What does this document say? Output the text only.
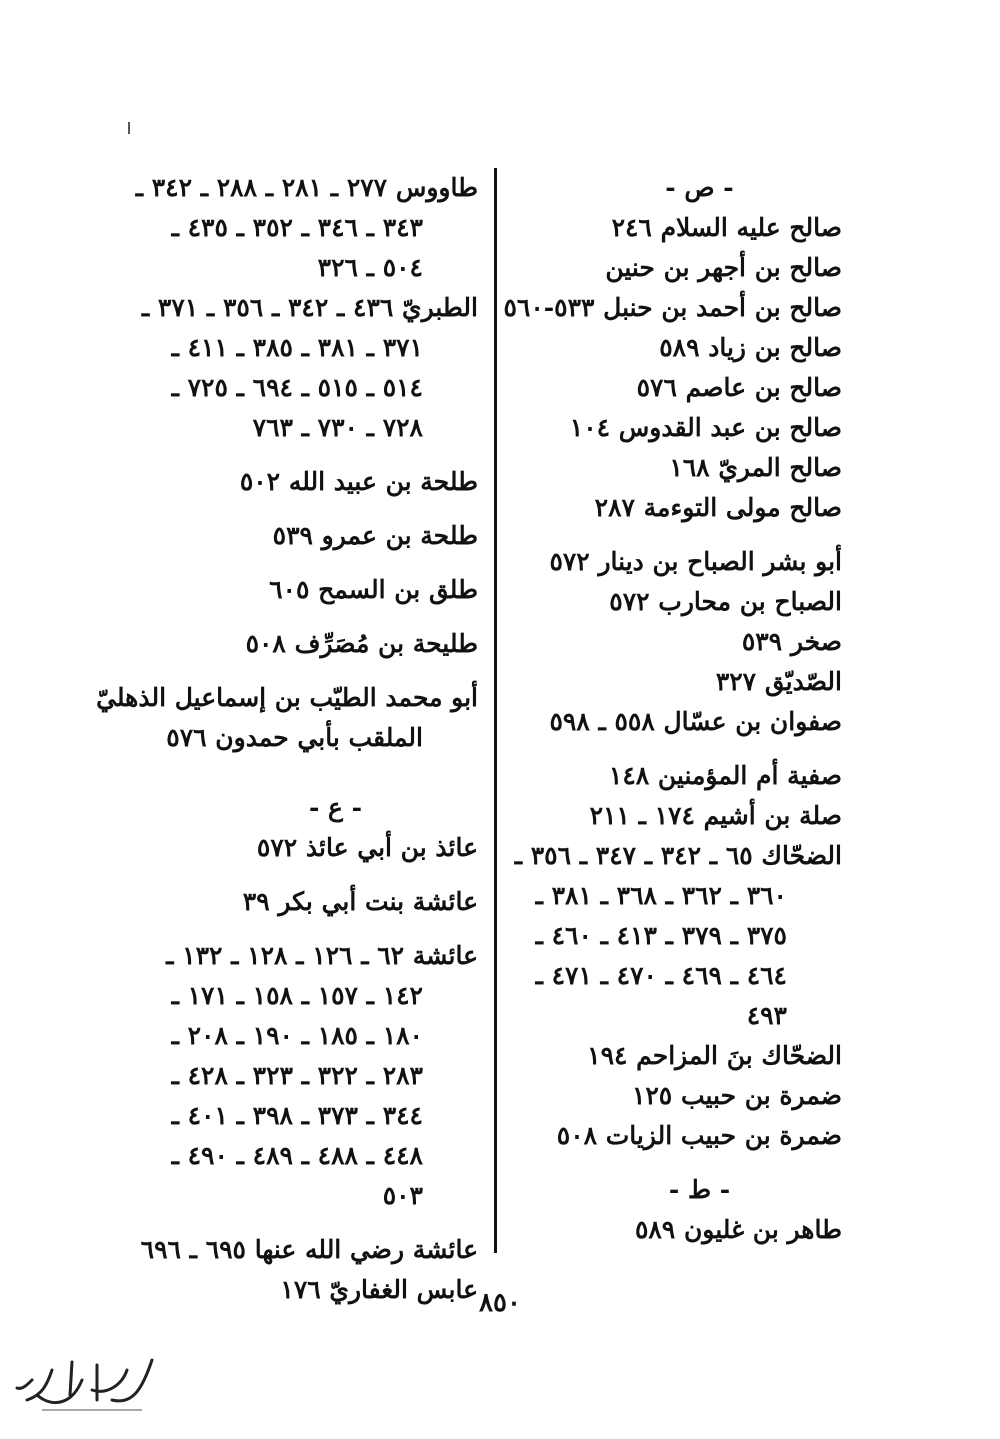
- ص -
صالح عليه السلام ٢٤٦
صالح بن أجهر بن حنين
صالح بن أحمد بن حنبل ٥٣٣-٥٦٠
صالح بن زياد ٥٨٩
صالح بن عاصم ٥٧٦
صالح بن عبد القدوس ١٠٤
صالح المريّ ١٦٨
صالح مولى التوءمة ٢٨٧
أبو بشر الصباح بن دينار ٥٧٢
الصباح بن محارب ٥٧٢
صخر ٥٣٩
الصّديّق ٣٢٧
صفوان بن عسّال ٥٥٨ ـ ٥٩٨
صفية أم المؤمنين ١٤٨
صلة بن أشيم ١٧٤ ـ ٢١١
الضحّاك ٦٥ ـ ٣٤٢ ـ ٣٤٧ ـ ٣٥٦ ـ
٣٦٠ ـ ٣٦٢ ـ ٣٦٨ ـ ٣٨١ ـ
٣٧٥ ـ ٣٧٩ ـ ٤١٣ ـ ٤٦٠ ـ
٤٦٤ ـ ٤٦٩ ـ ٤٧٠ ـ ٤٧١ ـ
٤٩٣
الضحّاك بنَ المزاحم ١٩٤
ضمرة بن حبيب ١٢٥
ضمرة بن حبيب الزيات ٥٠٨
- ط -
طاهر بن غليون ٥٨٩
طاووس ٢٧٧ ـ ٢٨١ ـ ٢٨٨ ـ ٣٤٢ ـ
٣٤٣ ـ ٣٤٦ ـ ٣٥٢ ـ ٤٣٥ ـ
٥٠٤ ـ ٣٢٦
الطبريّ ٤٣٦ ـ ٣٤٢ ـ ٣٥٦ ـ ٣٧١ ـ
٣٧١ ـ ٣٨١ ـ ٣٨٥ ـ ٤١١ ـ
٥١٤ ـ ٥١٥ ـ ٦٩٤ ـ ٧٢٥ ـ
٧٢٨ ـ ٧٣٠ ـ ٧٦٣
طلحة بن عبيد الله ٥٠٢
طلحة بن عمرو ٥٣٩
طلق بن السمح ٦٠٥
طليحة بن مُصَرِّف ٥٠٨
أبو محمد الطيّب بن إسماعيل الذهليّ
الملقب بأبي حمدون ٥٧٦
- ع -
عائذ بن أبي عائذ ٥٧٢
عائشة بنت أبي بكر ٣٩
عائشة ٦٢ ـ ١٢٦ ـ ١٢٨ ـ ١٣٢ ـ
١٤٢ ـ ١٥٧ ـ ١٥٨ ـ ١٧١ ـ
١٨٠ ـ ١٨٥ ـ ١٩٠ ـ ٢٠٨ ـ
٢٨٣ ـ ٣٢٢ ـ ٣٢٣ ـ ٤٢٨ ـ
٣٤٤ ـ ٣٧٣ ـ ٣٩٨ ـ ٤٠١ ـ
٤٤٨ ـ ٤٨٨ ـ ٤٨٩ ـ ٤٩٠ ـ
٥٠٣
عائشة رضي الله عنها ٦٩٥ ـ ٦٩٦
عابس الغفاريّ ١٧٦ ٨٥٠
